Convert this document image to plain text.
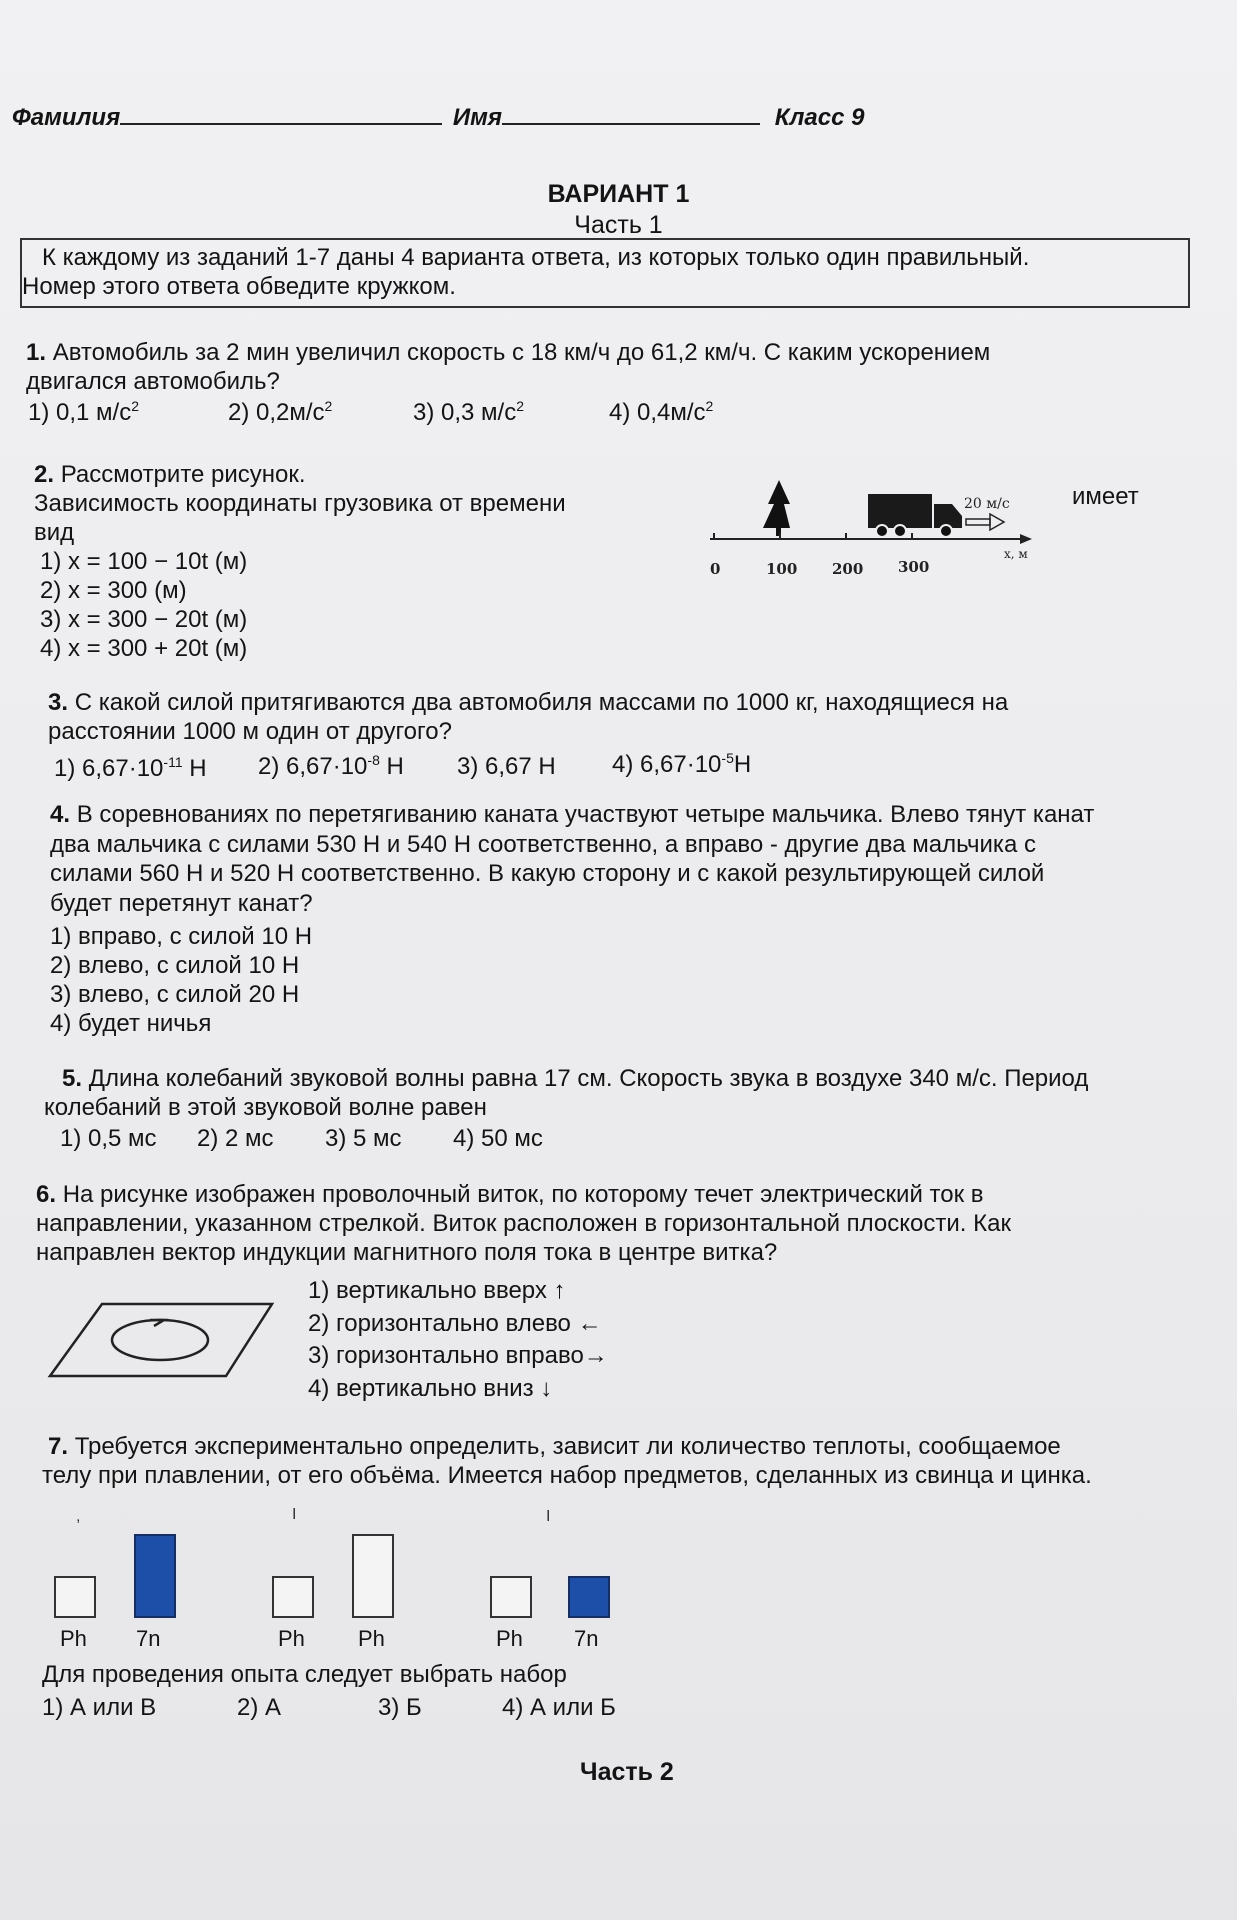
Фамилия	Имя	Класс 9
ВАРИАНТ 1
Часть 1
К каждому из заданий 1-7 даны 4 варианта ответа, из которых только один правильный.
Номер этого ответа обведите кружком.
1. Автомобиль за 2 мин увеличил скорость с 18 км/ч до 61,2 км/ч. С каким ускорением
двигался автомобиль?
1) 0,1 $м/с^2$	2) $0,2м/с^2$	3) 0,3 $м/с^2$	4) $0,4м/с^2$
2. Рассмотрите рисунок.
Зависимость координаты грузовика от времени
вид
1) x = 100 − 10t (м)
2) x = 300 (м)
3) x = 300 − 20t (м)
4) x = 300 + 20t (м)
имеет
20 м/с
x, м
0	100 200 300
3. С какой силой притягиваются два автомобиля массами по 1000 кг, находящиеся на
расстоянии 1000 м один от другого?
1) $6,67\cdot 10^{-11}$ Н 2) $6,67\cdot 10^{-8}$ Н 3) 6,67 Н 4) $6,67\cdot 10^{-5}Н$
4. В соревнованиях по перетягиванию каната участвуют четыре мальчика. Влево тянут канат
два мальчика с силами 530 Н и 540 Н соответственно, а вправо - другие два мальчика с
силами 560 Н и 520 Н соответственно. В какую сторону и с какой результирующей силой
будет перетянут канат?
1) вправо, с силой 10 Н
2) влево, с силой 10 Н
3) влево, с силой 20 Н
4) будет ничья
5. Длина колебаний звуковой волны равна 17 см. Скорость звука в воздухе 340 м/с. Период
колебаний в этой звуковой волне равен
1) 0,5 мс 2) 2 мс 3) 5 мс 4) 50 мс
6. На рисунке изображен проволочный виток, по которому течет электрический ток в
направлении, указанном стрелкой. Виток расположен в горизонтальной плоскости. Как
направлен вектор индукции магнитного поля тока в центре витка?
1) вертикально вверх ↑
2) горизонтально влево ←
3) горизонтально вправо→
4) вертикально вниз ↓
7. Требуется экспериментально определить, зависит ли количество теплоты, сообщаемое
телу при плавлении, от его объёма. Имеется набор предметов, сделанных из свинца и цинка.
,	I	I
Ph 7n	Ph Ph	Ph 7n
Для проведения опыта следует выбрать набор
1) А или В	2) А	3) Б	4) А или Б
Часть 2
